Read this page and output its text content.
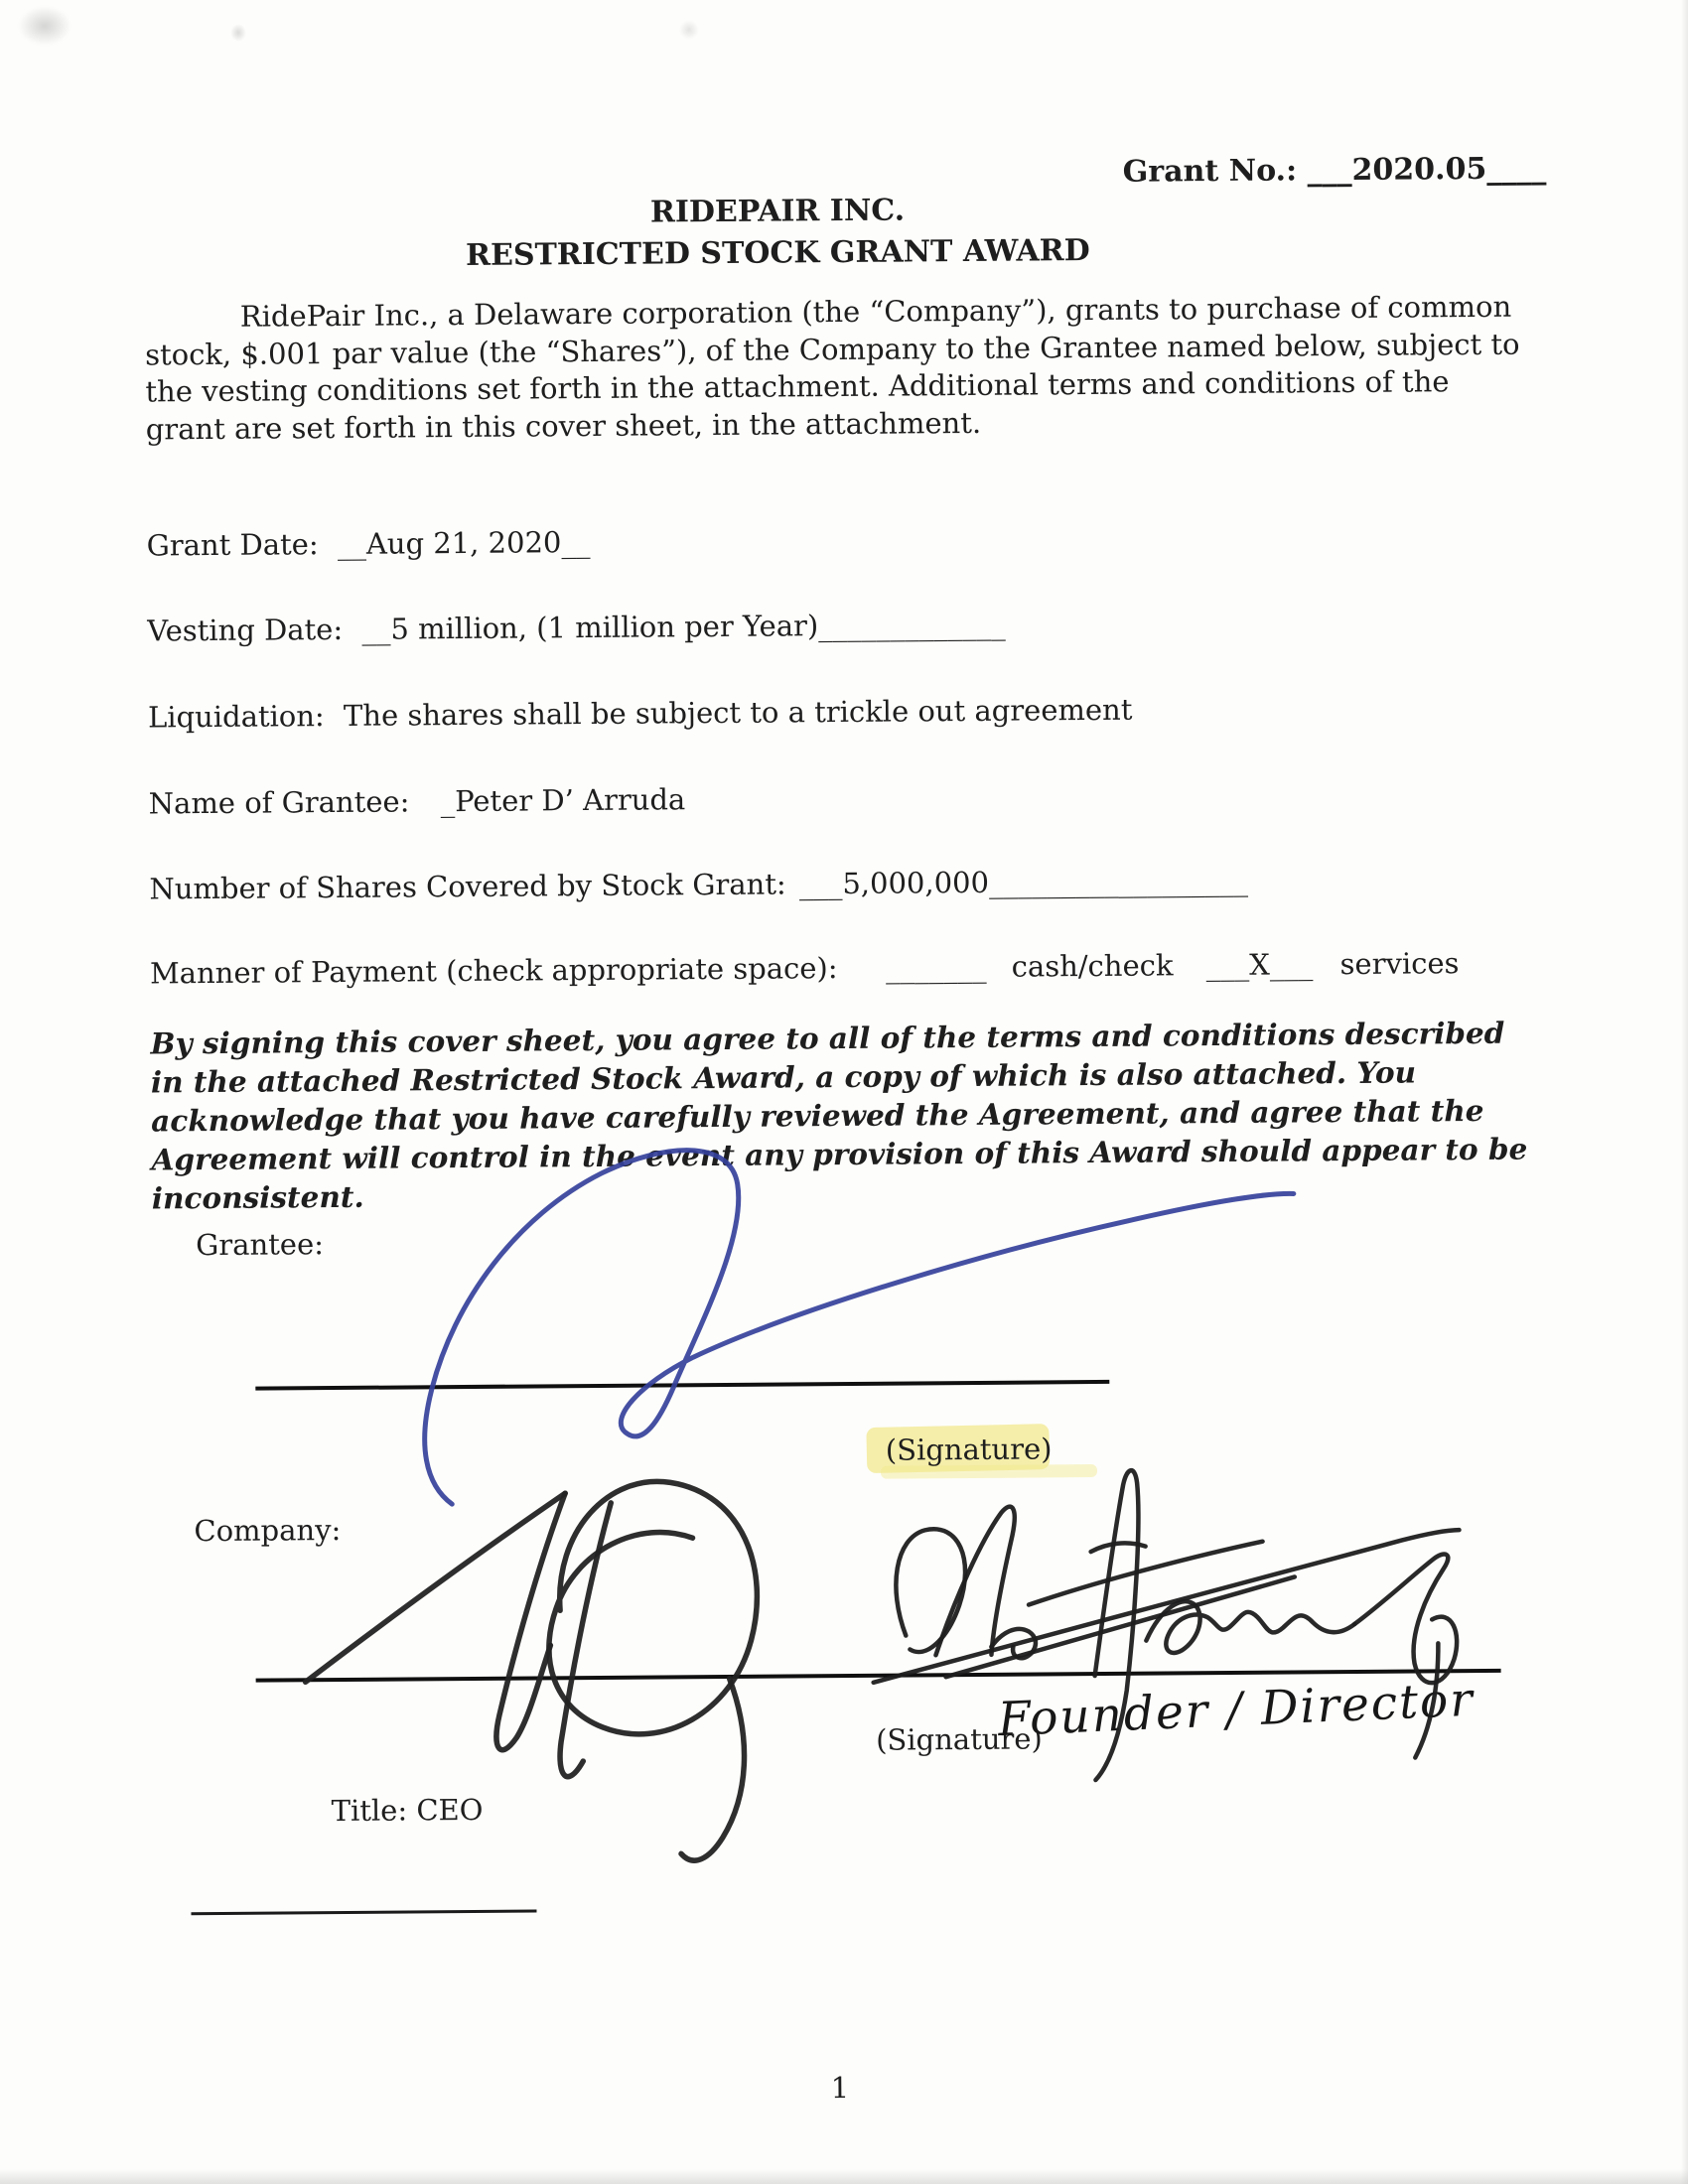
Grant No.: ___2020.05____
RIDEPAIR INC.
RESTRICTED STOCK GRANT AWARD
RidePair Inc., a Delaware corporation (the “Company”), grants to purchase of common stock, $.001 par value (the “Shares”), of the Company to the Grantee named below, subject to the vesting conditions set forth in the attachment. Additional terms and conditions of the grant are set forth in this cover sheet, in the attachment.
Grant Date: __Aug 21, 2020__
Vesting Date: __5 million, (1 million per Year)_____________
Liquidation: The shares shall be subject to a trickle out agreement
Name of Grantee: _Peter D’ Arruda
Number of Shares Covered by Stock Grant: ___5,000,000__________________
Manner of Payment (check appropriate space): _______ cash/check ___X___ services
By signing this cover sheet, you agree to all of the terms and conditions described in the attached Restricted Stock Award, a copy of which is also attached. You acknowledge that you have carefully reviewed the Agreement, and agree that the Agreement will control in the event any provision of this Award should appear to be inconsistent.
Grantee:
(Signature)
Company:
(Signature)
Founder / Director
Title: CEO
1
